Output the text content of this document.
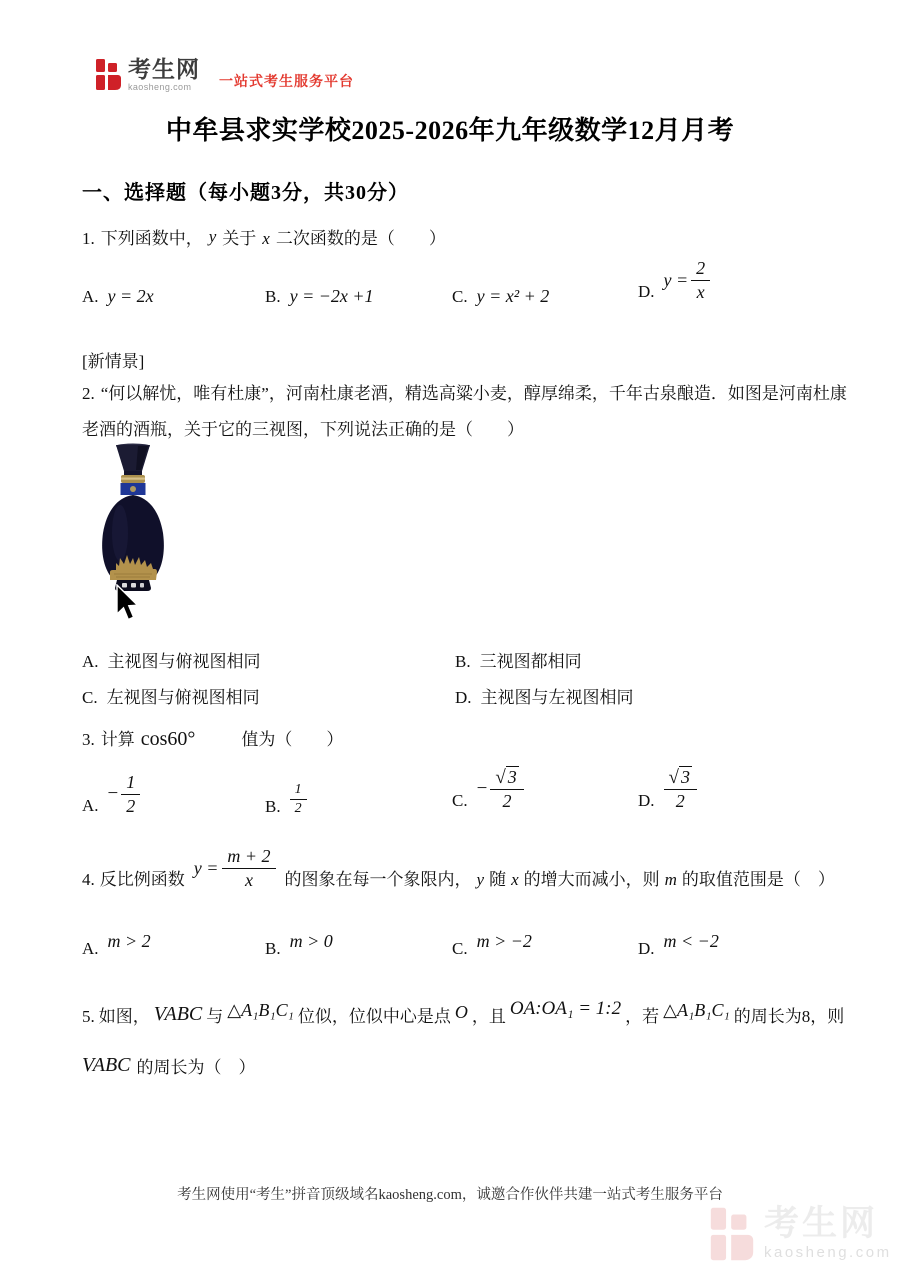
考生网
kaosheng.com	一站式考生服务平台
中牟县求实学校2025-2026年九年级数学12月月考
一、选择题（每小题3分，共30分）
1. 下列函数中， y 关于 x 二次函数的是（　　）
A. y = 2x	B. y = −2x +1	C. y = x² + 2	D.
$y = \frac{2}{x}$
[新情景]
2. “何以解忧，唯有杜康”，河南杜康老酒，精选高粱小麦，醇厚绵柔，千年古泉酿造．如图是河南杜康
老酒的酒瓶，关于它的三视图，下列说法正确的是（　　）
A. 主视图与俯视图相同	B. 三视图都相同
C. 左视图与俯视图相同	D. 主视图与左视图相同
3. 计算 cos60°	值为（　　）
A.
− $\frac{1}{2}$	B. $\frac{1}{2}$	C.
− $\frac{√ 3}{2}$	D. $\frac{√ 3}{2}$
4. 反比例函数
$y = \frac{m + 2}{x}$ 的图象在每一个象限内， y 随 x 的增大而减小，则 m 的取值范围是（　）
A. m > 2	B. m > 0	C. m > −2	D. m < −2
5. 如图， VABC 与 △A₁B₁C₁ 位似，位似中心是点 O ，且 OA:OA₁ = 1:2 ，若 △A₁B₁C₁ 的周长为8，则
VABC 的周长为（　）
考生网使用“考生”拼音顶级域名kaosheng.com，诚邀合作伙伴共建一站式考生服务平台
考生网
kaosheng.com
